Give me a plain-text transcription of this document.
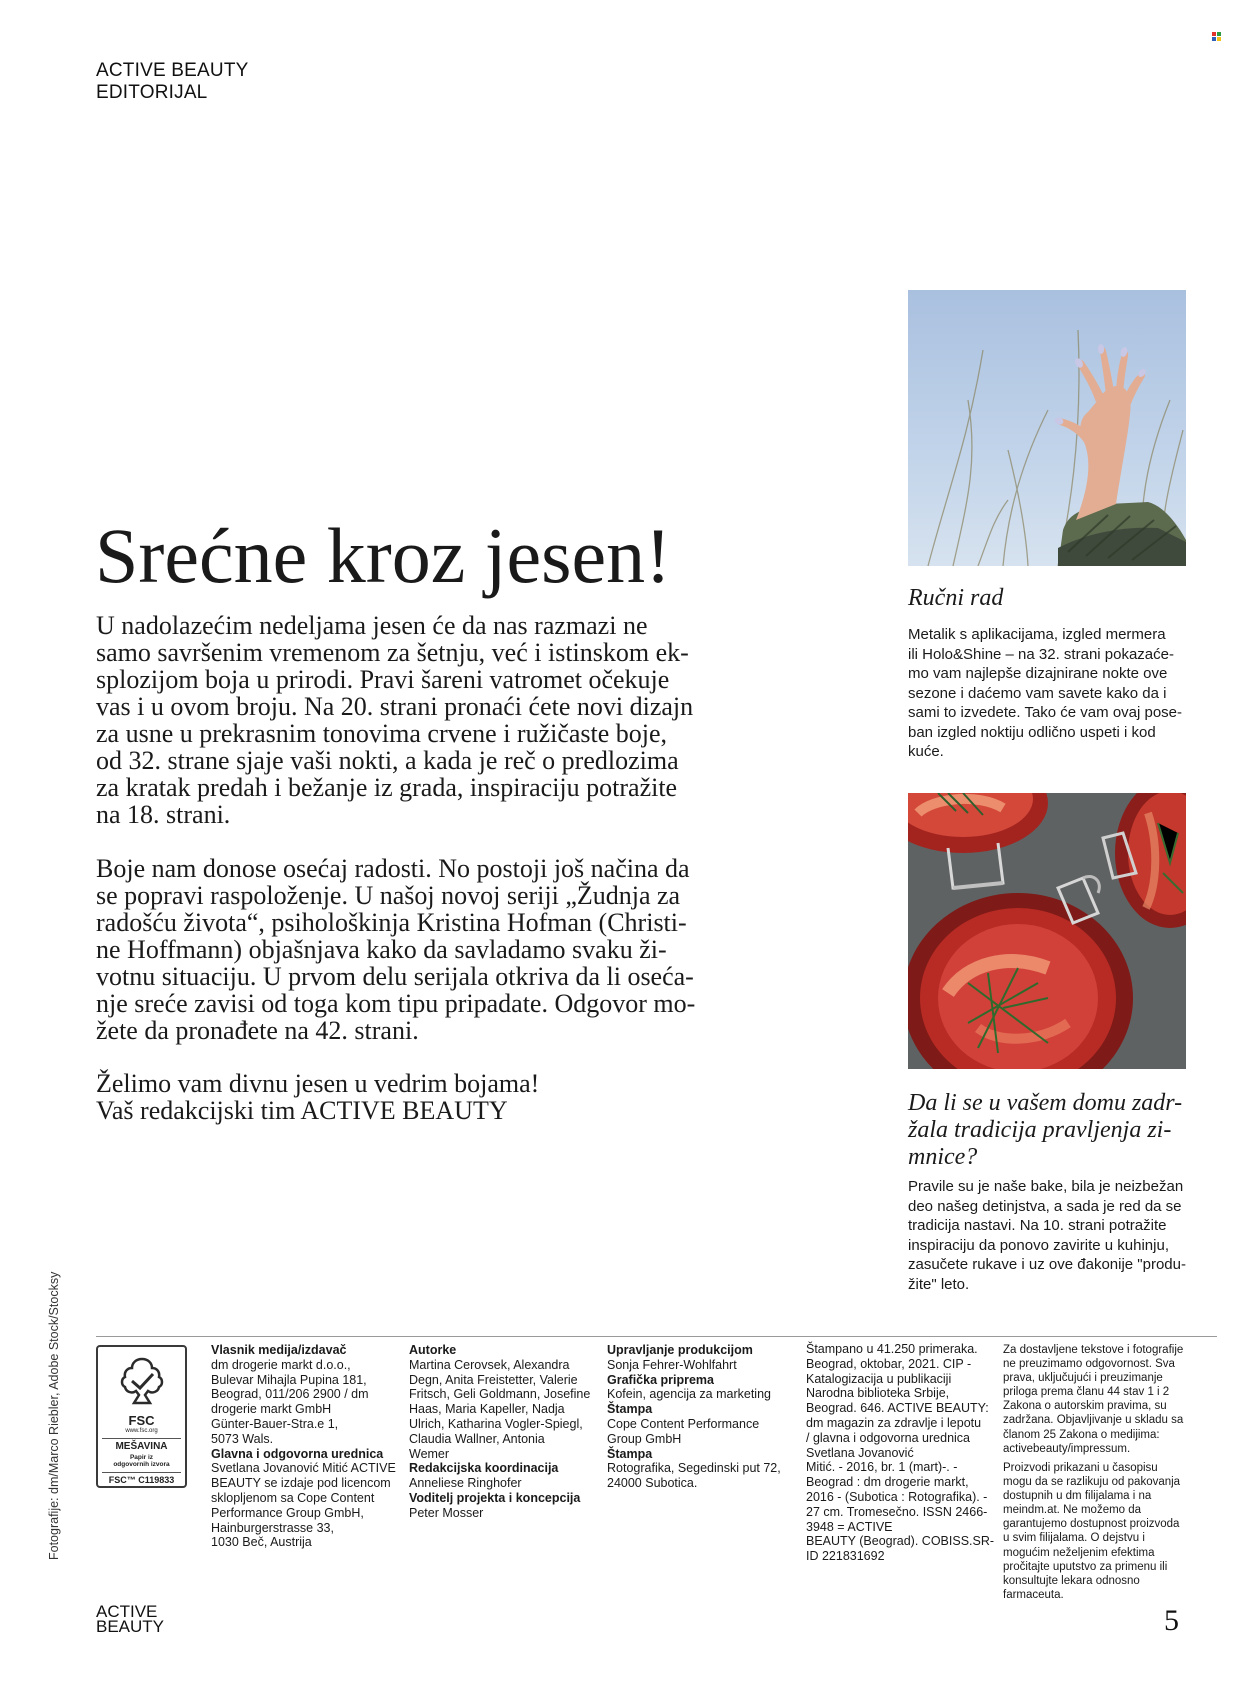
ACTIVE BEAUTY
EDITORIJAL
Srećne kroz jesen!
U nadolazećim nedeljama jesen će da nas razmazi ne
samo savršenim vremenom za šetnju, već i istinskom ek-
splozijom boja u prirodi. Pravi šareni vatromet očekuje
vas i u ovom broju. Na 20. strani pronaći ćete novi dizajn
za usne u prekrasnim tonovima crvene i ružičaste boje,
od 32. strane sjaje vaši nokti, a kada je reč o predlozima
za kratak predah i bežanje iz grada, inspiraciju potražite
na 18. strani.
Boje nam donose osećaj radosti. No postoji još načina da
se popravi raspoloženje. U našoj novoj seriji „Žudnja za
radošću života“, psihološkinja Kristina Hofman (Christi-
ne Hoffmann) objašnjava kako da savladamo svaku ži-
votnu situaciju. U prvom delu serijala otkriva da li oseća-
nje sreće zavisi od toga kom tipu pripadate. Odgovor mo-
žete da pronađete na 42. strani.
Želimo vam divnu jesen u vedrim bojama!
Vaš redakcijski tim ACTIVE BEAUTY
Ručni rad
Metalik s aplikacijama, izgled mermera
ili Holo&Shine – na 32. strani pokazaće-
mo vam najlepše dizajnirane nokte ove
sezone i daćemo vam savete kako da i
sami to izvedete. Tako će vam ovaj pose-
ban izgled noktiju odlično uspeti i kod
kuće.
Da li se u vašem domu zadr-
žala tradicija pravljenja zi-
mnice?
Pravile su je naše bake, bila je neizbežan
deo našeg detinjstva, a sada je red da se
tradicija nastavi. Na 10. strani potražite
inspiraciju da ponovo zavirite u kuhinju,
zasučete rukave i uz ove đakonije "produ-
žite" leto.
Fotografije: dm/Marco Riebler, Adobe Stock/Stocksy	FSC
www.fsc.org
MEŠAVINA
Papir iz
odgovornih izvora
FSC™ C119833
Vlasnik medija/izdavač
dm drogerie markt d.o.o.,
Bulevar Mihajla Pupina 181,
Beograd, 011/206 2900 / dm
drogerie markt GmbH
Günter-Bauer-Stra.e 1,
5073 Wals.
Glavna i odgovorna urednica
Svetlana Jovanović Mitić ACTIVE
BEAUTY se izdaje pod licencom
sklopljenom sa Cope Content
Performance Group GmbH,
Hainburgerstrasse 33,
1030 Beč, Austrija
Autorke
Martina Cerovsek, Alexandra
Degn, Anita Freistetter, Valerie
Fritsch, Geli Goldmann, Josefine
Haas, Maria Kapeller, Nadja
Ulrich, Katharina Vogler-Spiegl,
Claudia Wallner, Antonia
Wemer
Redakcijska koordinacija
Anneliese Ringhofer
Voditelj projekta i koncepcija
Peter Mosser
Upravljanje produkcijom
Sonja Fehrer-Wohlfahrt
Grafička priprema
Kofein, agencija za marketing
Štampa
Cope Content Performance
Group GmbH
Štampa
Rotografika, Segedinski put 72,
24000 Subotica.
Štampano u 41.250 primeraka.
Beograd, oktobar, 2021. CIP -
Katalogizacija u publikaciji
Narodna biblioteka Srbije,
Beograd. 646. ACTIVE BEAUTY:
dm magazin za zdravlje i lepotu
/ glavna i odgovorna urednica
Svetlana Jovanović
Mitić. - 2016, br. 1 (mart)-. -
Beograd : dm drogerie markt,
2016 - (Subotica : Rotografika). -
27 cm. Tromesečno. ISSN 2466-
3948 = ACTIVE
BEAUTY (Beograd). COBISS.SR-
ID 221831692
Za dostavljene tekstove i fotografije
ne preuzimamo odgovornost. Sva
prava, uključujući i preuzimanje
priloga prema članu 44 stav 1 i 2
Zakona o autorskim pravima, su
zadržana. Objavljivanje u skladu sa
članom 25 Zakona o medijima:
activebeauty/impressum.
Proizvodi prikazani u časopisu
mogu da se razlikuju od pakovanja
dostupnih u dm filijalama i na
meindm.at. Ne možemo da
garantujemo dostupnost proizvoda
u svim filijalama. O dejstvu i
mogućim neželjenim efektima
pročitajte uputstvo za primenu ili
konsultujte lekara odnosno
farmaceuta.
ACTIVE
BEAUTY	5
